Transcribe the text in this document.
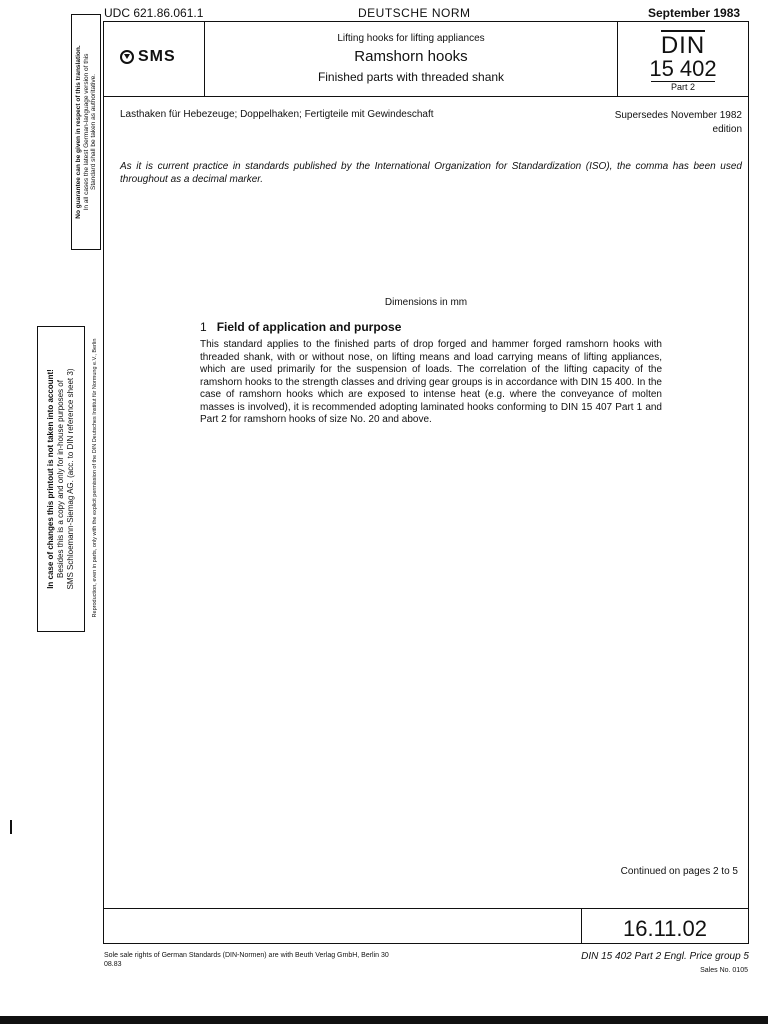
UDC 621.86.061.1	DEUTSCHE NORM	September 1983
SMS
Lifting hooks for lifting appliances
Ramshorn hooks
Finished parts with threaded shank
DIN
15 402
Part 2
Lasthaken für Hebezeuge; Doppelhaken; Fertigteile mit Gewindeschaft	Supersedes November 1982
edition
As it is current practice in standards published by the International Organization for Standardization (ISO), the comma has been used throughout as a decimal marker.
Dimensions in mm
1 Field of application and purpose
This standard applies to the finished parts of drop forged and hammer forged ramshorn hooks with threaded shank, with or without nose, on lifting means and load carrying means of lifting appliances, which are used primarily for the suspension of loads. The correlation of the lifting capacity of the ramshorn hooks to the strength classes and driving gear groups is in accordance with DIN 15 400. In the case of ramshorn hooks which are exposed to intense heat (e.g. where the conveyance of molten masses is involved), it is recommended adopting laminated hooks conforming to DIN 15 407 Part 1 and Part 2 for ramshorn hooks of size No. 20 and above.
Continued on pages 2 to 5
16.11.02
Sole sale rights of German Standards (DIN-Normen) are with Beuth Verlag GmbH, Berlin 30
08.83
DIN 15 402 Part 2 Engl. Price group 5
Sales No. 0105
No guarantee can be given in respect of this translation. In all cases the latest German-language version of this Standard shall be taken as authoritative.
In case of changes this printout is not taken into account! Besides this is a copy and only for in-house purposes of SMS Schloemann-Siemag AG. (acc. to DIN reference sheet 3)	Reproduction, even in parts, only with the explicit permission of the DIN Deutsches Institut für Normung e.V., Berlin
